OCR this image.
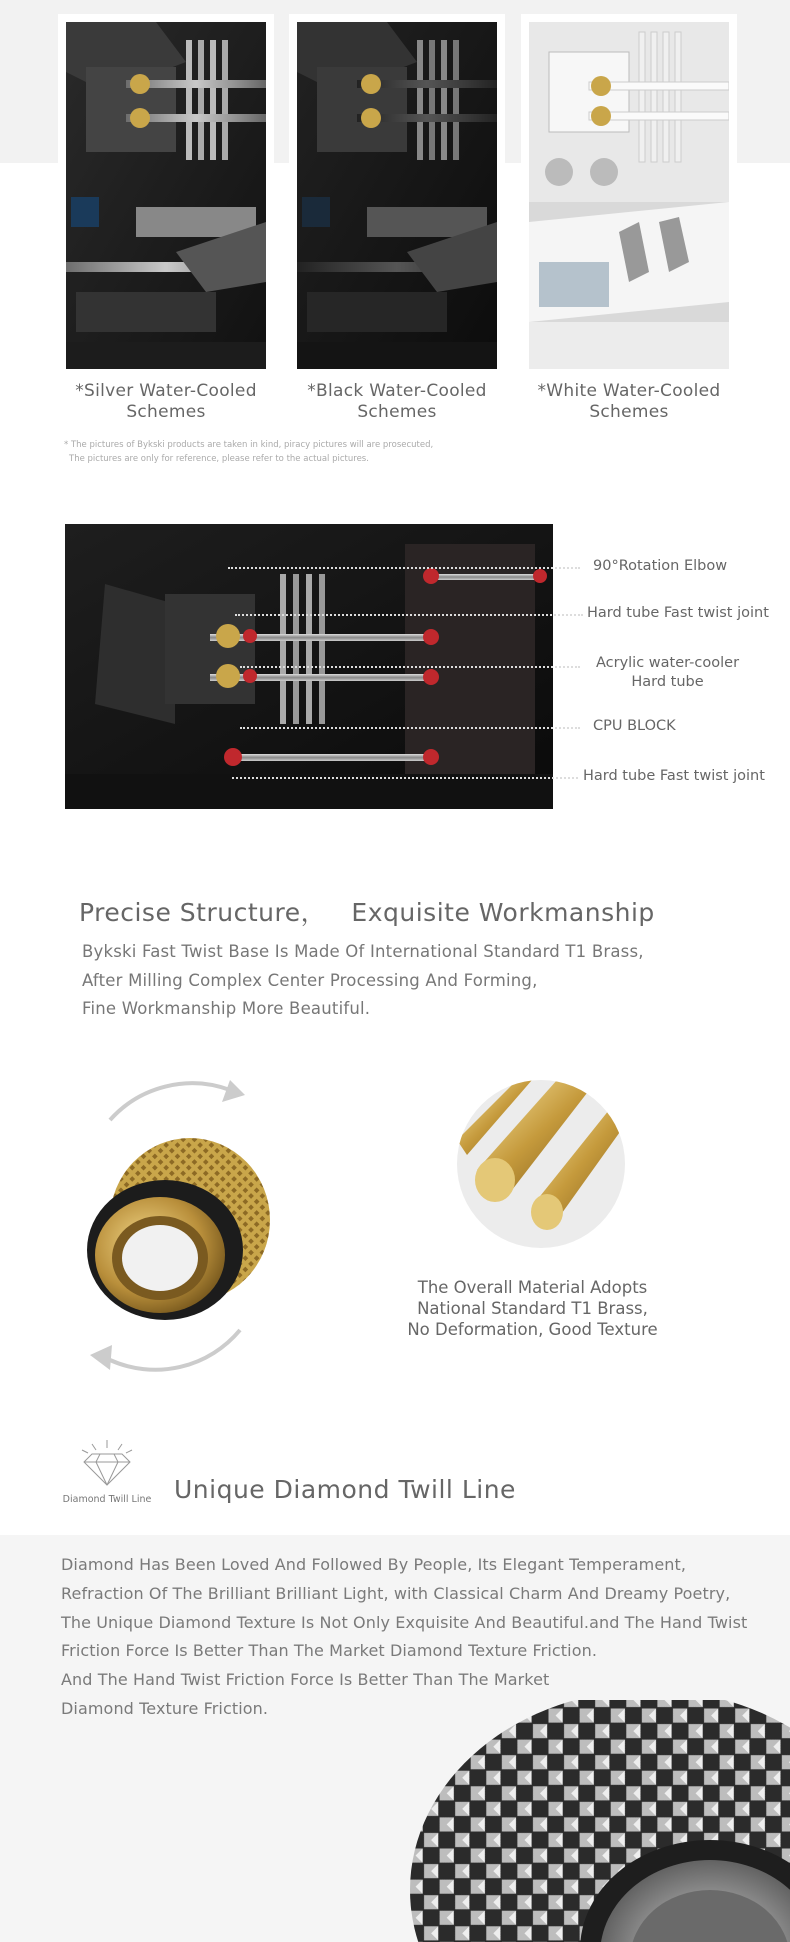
*Silver Water-Cooled
Schemes
*Black Water-Cooled
Schemes
*White Water-Cooled
Schemes
* The pictures of Bykski products are taken in kind, piracy pictures will are prosecuted,
The pictures are only for reference, please refer to the actual pictures.
90°Rotation Elbow
Hard tube Fast twist joint
Acrylic water-cooler
Hard tube
CPU BLOCK
Hard tube Fast twist joint
Precise Structure，   Exquisite Workmanship
Bykski Fast Twist Base Is Made Of International Standard T1 Brass,
After Milling Complex Center Processing And Forming,
Fine Workmanship More Beautiful.
The Overall Material Adopts
National Standard T1 Brass,
No Deformation, Good Texture
Diamond Twill Line Unique Diamond Twill Line
Diamond Has Been Loved And Followed By People, Its Elegant Temperament,
Refraction Of The Brilliant Brilliant Light, with Classical Charm And Dreamy Poetry,
The Unique Diamond Texture Is Not Only Exquisite And Beautiful.and The Hand Twist
Friction Force Is Better Than The Market Diamond Texture Friction.
And The Hand Twist Friction Force Is Better Than The Market
Diamond Texture Friction.
